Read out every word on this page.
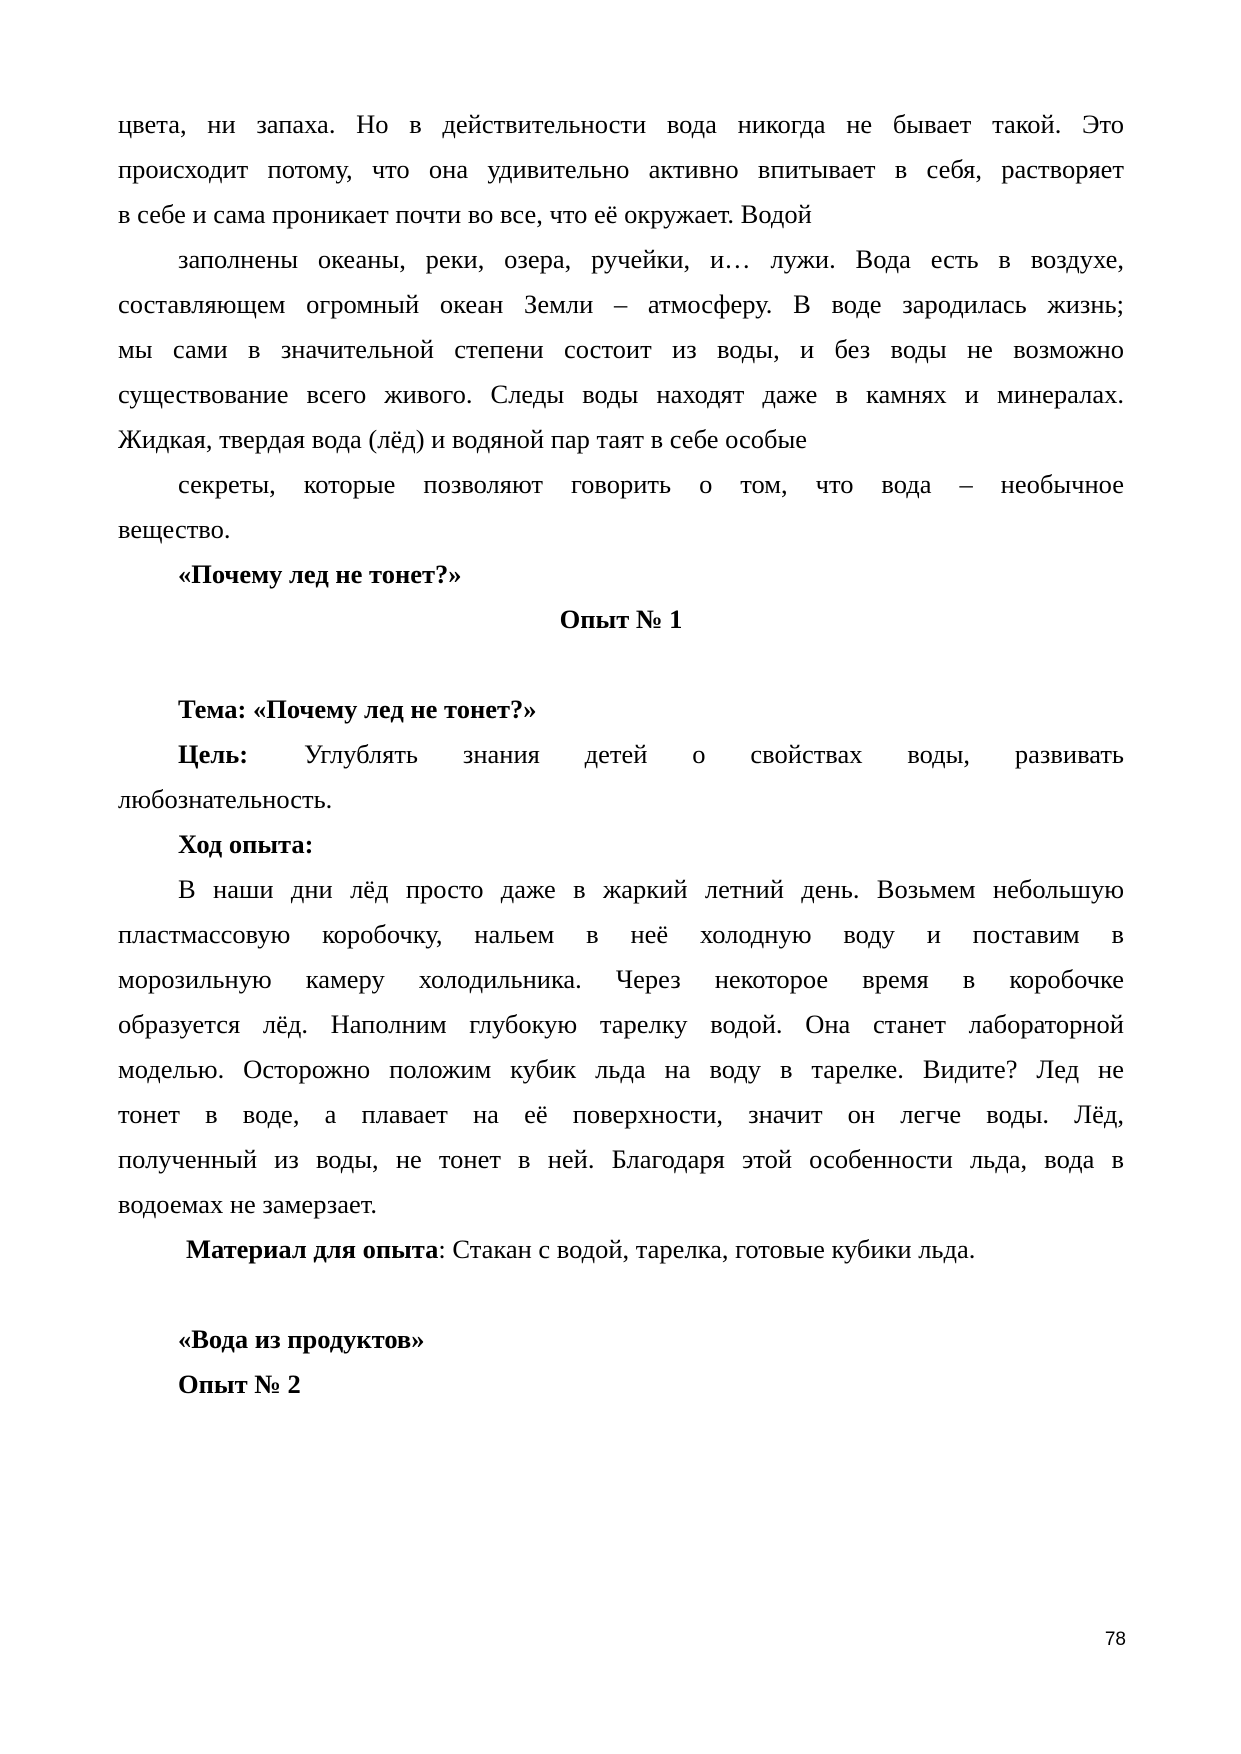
цвета, ни запаха. Но в действительности вода никогда не бывает такой. Это
происходит потому, что она удивительно активно впитывает в себя, растворяет
в себе и сама проникает почти во все, что её окружает. Водой
заполнены океаны, реки, озера, ручейки, и… лужи. Вода есть в воздухе,
составляющем огромный океан Земли – атмосферу. В воде зародилась жизнь;
мы сами в значительной степени состоит из воды, и без воды не возможно
существование всего живого. Следы воды находят даже в камнях и минералах.
Жидкая, твердая вода (лёд) и водяной пар таят в себе особые
секреты, которые позволяют говорить о том, что вода – необычное
вещество.
«Почему лед не тонет?»
Опыт № 1
Тема: «Почему лед не тонет?»
Цель: Углублять знания детей о свойствах воды, развивать
любознательность.
Ход опыта:
В наши дни лёд просто даже в жаркий летний день. Возьмем небольшую
пластмассовую коробочку, нальем в неё холодную воду и поставим в
морозильную камеру холодильника. Через некоторое время в коробочке
образуется лёд. Наполним глубокую тарелку водой. Она станет лабораторной
моделью. Осторожно положим кубик льда на воду в тарелке. Видите? Лед не
тонет в воде, а плавает на её поверхности, значит он легче воды. Лёд,
полученный из воды, не тонет в ней. Благодаря этой особенности льда, вода в
водоемах не замерзает.
Материал для опыта: Стакан с водой, тарелка, готовые кубики льда.
«Вода из продуктов»
Опыт № 2
78
